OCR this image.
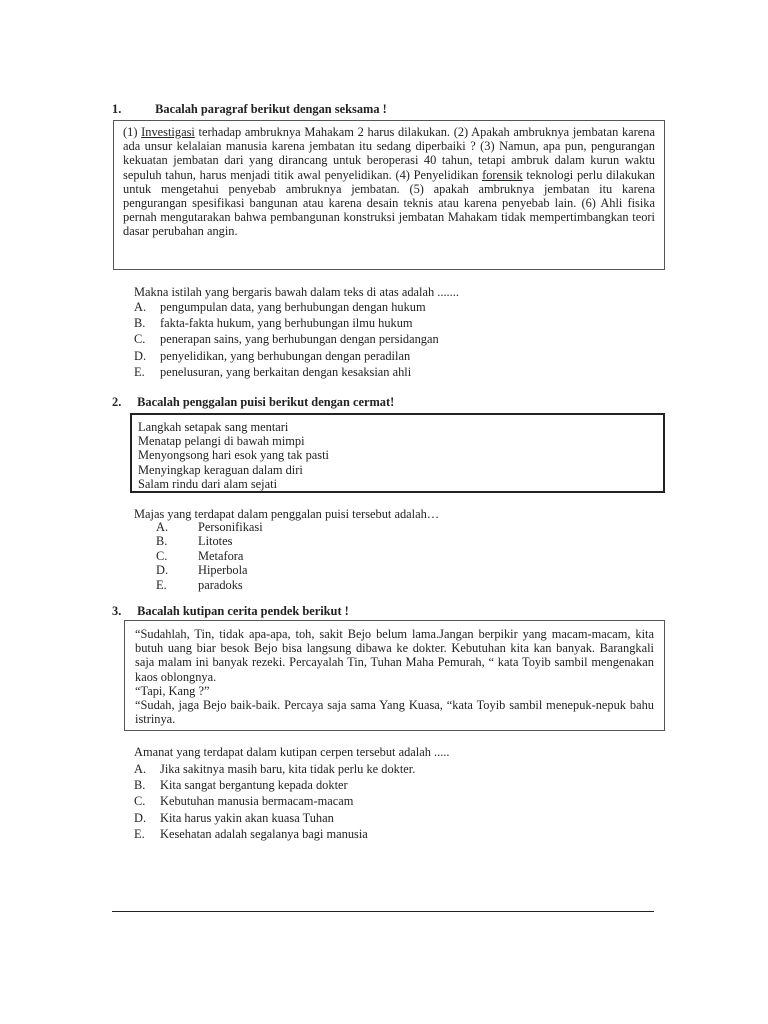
1.	Bacalah paragraf berikut dengan seksama !
(1) Investigasi terhadap ambruknya Mahakam 2 harus dilakukan. (2) Apakah ambruknya jembatan karena ada unsur kelalaian manusia karena jembatan itu sedang diperbaiki ? (3) Namun, apa pun, pengurangan kekuatan jembatan dari yang dirancang untuk beroperasi 40 tahun, tetapi ambruk dalam kurun waktu sepuluh tahun, harus menjadi titik awal penyelidikan. (4) Penyelidikan forensik teknologi perlu dilakukan untuk mengetahui penyebab ambruknya jembatan. (5) apakah ambruknya jembatan itu karena pengurangan spesifikasi bangunan atau karena desain teknis atau karena penyebab lain. (6) Ahli fisika pernah mengutarakan bahwa pembangunan konstruksi jembatan Mahakam tidak mempertimbangkan teori dasar perubahan angin.
Makna istilah yang bergaris bawah dalam teks di atas adalah .......
A. pengumpulan data, yang berhubungan dengan hukum
B. fakta-fakta hukum, yang berhubungan ilmu hukum
C. penerapan sains, yang berhubungan dengan persidangan
D. penyelidikan, yang berhubungan dengan peradilan
E. penelusuran, yang berkaitan dengan kesaksian ahli
2. Bacalah penggalan puisi berikut dengan cermat!
Langkah setapak sang mentari
Menatap pelangi di bawah mimpi
Menyongsong hari esok yang tak pasti
Menyingkap keraguan dalam diri
Salam rindu dari alam sejati
Majas yang terdapat dalam penggalan puisi tersebut adalah…
A. Personifikasi
B. Litotes
C. Metafora
D. Hiperbola
E.	paradoks
3. Bacalah kutipan cerita pendek berikut !
“Sudahlah, Tin, tidak apa-apa, toh, sakit Bejo belum lama.Jangan berpikir yang macam-macam, kita butuh uang biar besok Bejo bisa langsung dibawa ke dokter. Kebutuhan kita kan banyak. Barangkali saja malam ini banyak rezeki. Percayalah Tin, Tuhan Maha Pemurah, “ kata Toyib sambil mengenakan kaos oblongnya.
“Tapi, Kang ?”
“Sudah, jaga Bejo baik-baik. Percaya saja sama Yang Kuasa, “kata Toyib sambil menepuk-nepuk bahu istrinya.
Amanat yang terdapat dalam kutipan cerpen tersebut adalah .....
A. Jika sakitnya masih baru, kita tidak perlu ke dokter.
B. Kita sangat bergantung kepada dokter
C. Kebutuhan manusia bermacam-macam
D. Kita harus yakin akan kuasa Tuhan
E. Kesehatan adalah segalanya bagi manusia
